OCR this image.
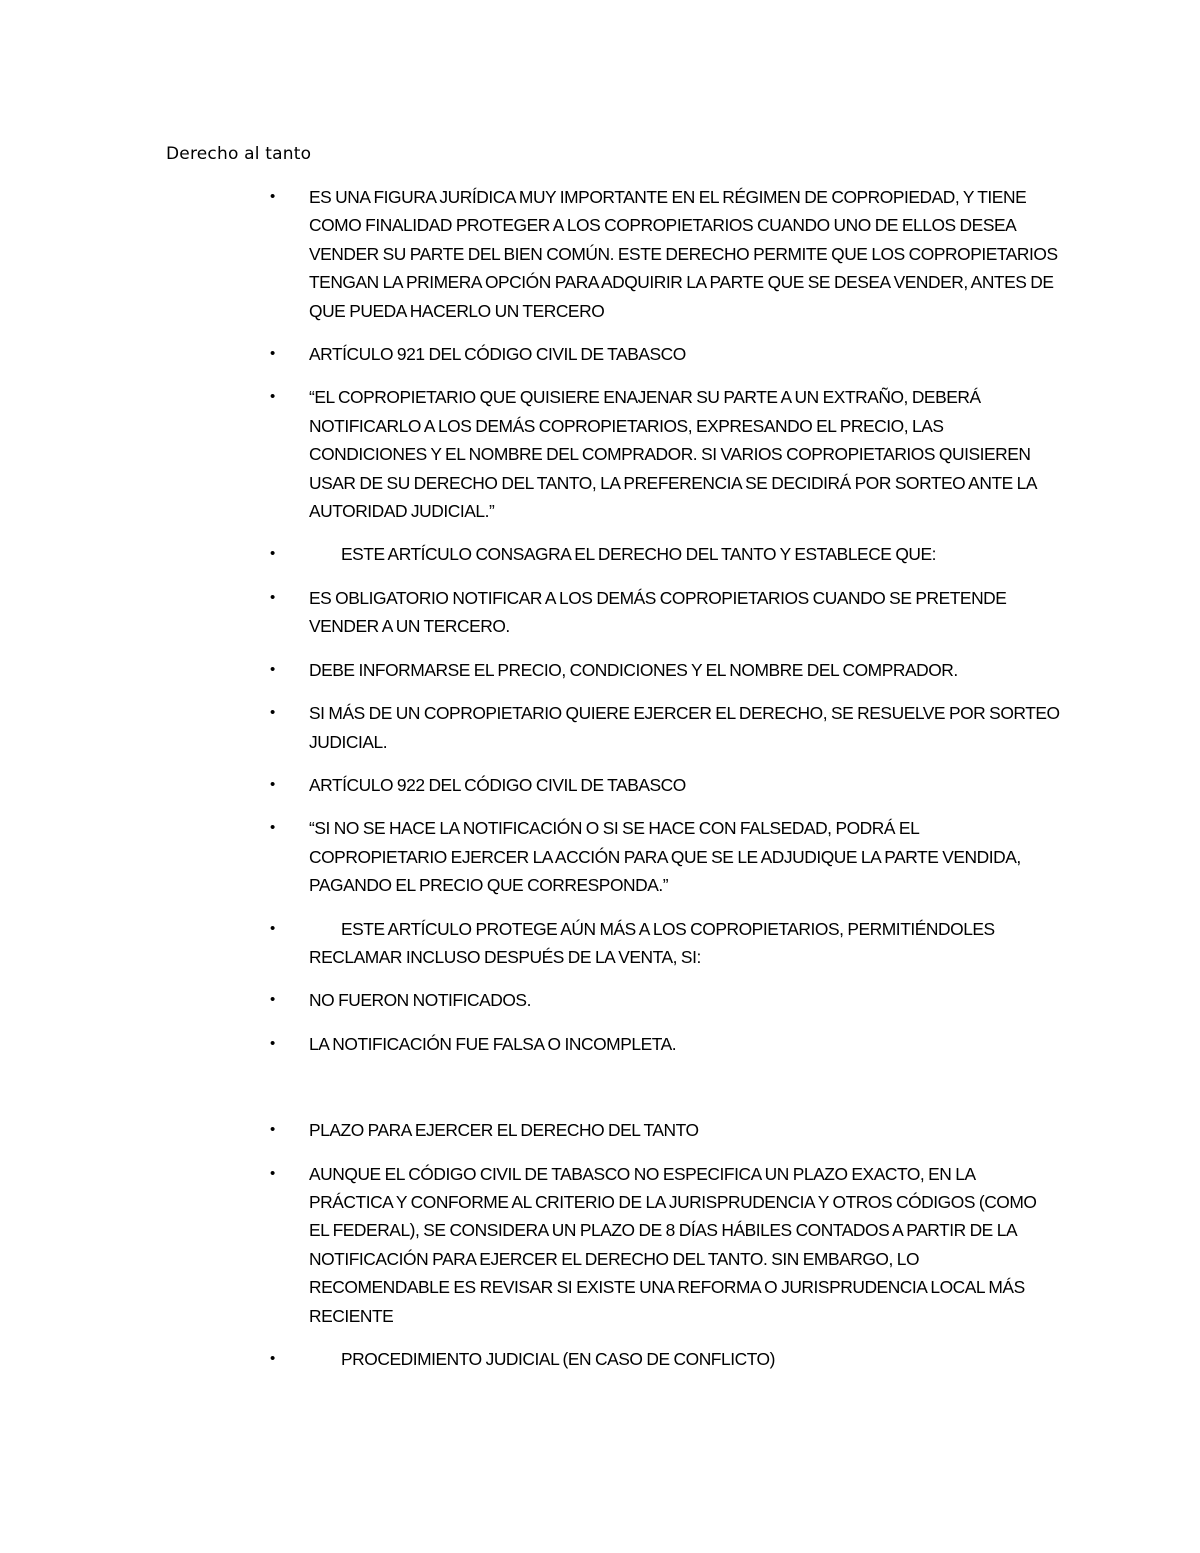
Derecho al tanto
•	ES UNA FIGURA JURÍDICA MUY IMPORTANTE EN EL RÉGIMEN DE COPROPIEDAD, Y TIENE COMO FINALIDAD PROTEGER A LOS COPROPIETARIOS CUANDO UNO DE ELLOS DESEA VENDER SU PARTE DEL BIEN COMÚN. ESTE DERECHO PERMITE QUE LOS COPROPIETARIOS TENGAN LA PRIMERA OPCIÓN PARA ADQUIRIR LA PARTE QUE SE DESEA VENDER, ANTES DE QUE PUEDA HACERLO UN TERCERO
•	ARTÍCULO 921 DEL CÓDIGO CIVIL DE TABASCO
•	“EL COPROPIETARIO QUE QUISIERE ENAJENAR SU PARTE A UN EXTRAÑO, DEBERÁ NOTIFICARLO A LOS DEMÁS COPROPIETARIOS, EXPRESANDO EL PRECIO, LAS CONDICIONES Y EL NOMBRE DEL COMPRADOR. SI VARIOS COPROPIETARIOS QUISIEREN USAR DE SU DERECHO DEL TANTO, LA PREFERENCIA SE DECIDIRÁ POR SORTEO ANTE LA AUTORIDAD JUDICIAL.”
•	ESTE ARTÍCULO CONSAGRA EL DERECHO DEL TANTO Y ESTABLECE QUE:
•	ES OBLIGATORIO NOTIFICAR A LOS DEMÁS COPROPIETARIOS CUANDO SE PRETENDE VENDER A UN TERCERO.
•	DEBE INFORMARSE EL PRECIO, CONDICIONES Y EL NOMBRE DEL COMPRADOR.
•	SI MÁS DE UN COPROPIETARIO QUIERE EJERCER EL DERECHO, SE RESUELVE POR SORTEO JUDICIAL.
•	ARTÍCULO 922 DEL CÓDIGO CIVIL DE TABASCO
•	“SI NO SE HACE LA NOTIFICACIÓN O SI SE HACE CON FALSEDAD, PODRÁ EL COPROPIETARIO EJERCER LA ACCIÓN PARA QUE SE LE ADJUDIQUE LA PARTE VENDIDA, PAGANDO EL PRECIO QUE CORRESPONDA.”
•	ESTE ARTÍCULO PROTEGE AÚN MÁS A LOS COPROPIETARIOS, PERMITIÉNDOLES RECLAMAR INCLUSO DESPUÉS DE LA VENTA, SI:
•	NO FUERON NOTIFICADOS.
•	LA NOTIFICACIÓN FUE FALSA O INCOMPLETA.
•	PLAZO PARA EJERCER EL DERECHO DEL TANTO
•	AUNQUE EL CÓDIGO CIVIL DE TABASCO NO ESPECIFICA UN PLAZO EXACTO, EN LA PRÁCTICA Y CONFORME AL CRITERIO DE LA JURISPRUDENCIA Y OTROS CÓDIGOS (COMO EL FEDERAL), SE CONSIDERA UN PLAZO DE 8 DÍAS HÁBILES CONTADOS A PARTIR DE LA NOTIFICACIÓN PARA EJERCER EL DERECHO DEL TANTO. SIN EMBARGO, LO RECOMENDABLE ES REVISAR SI EXISTE UNA REFORMA O JURISPRUDENCIA LOCAL MÁS RECIENTE
•	PROCEDIMIENTO JUDICIAL (EN CASO DE CONFLICTO)
